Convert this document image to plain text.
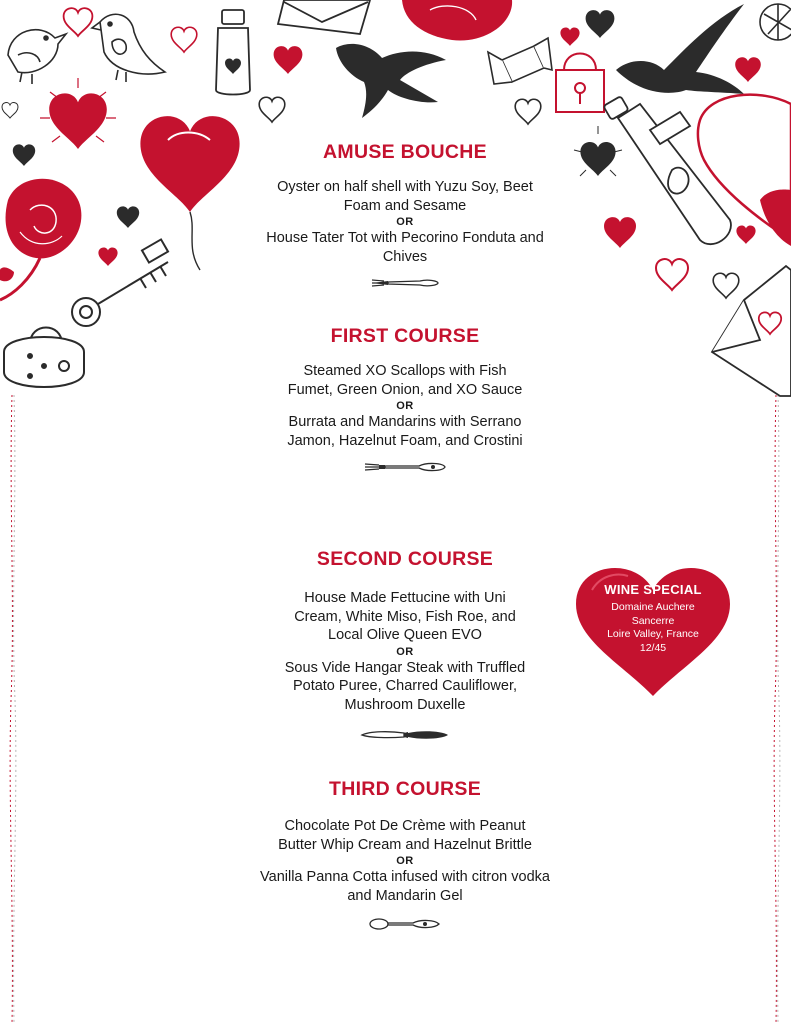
AMUSE BOUCHE

Oyster on half shell with Yuzu Soy, Beet Foam and Sesame

OR

House Tater Tot with Pecorino Fonduta and Chives

FIRST COURSE

Steamed XO Scallops with Fish Fumet, Green Onion, and XO Sauce

OR

Burrata and Mandarins with Serrano Jamon, Hazelnut Foam, and Crostini

SECOND COURSE

House Made Fettucine with Uni Cream, White Miso, Fish Roe, and Local Olive Queen EVO

OR

Sous Vide Hangar Steak with Truffled Potato Puree, Charred Cauliflower, Mushroom Duxelle

THIRD COURSE

Chocolate Pot De Crème with Peanut Butter Whip Cream and Hazelnut Brittle

OR

Vanilla Panna Cotta infused with citron vodka and Mandarin Gel

WINE SPECIAL

Domaine Auchere

Sancerre

Loire Valley, France

12/45
